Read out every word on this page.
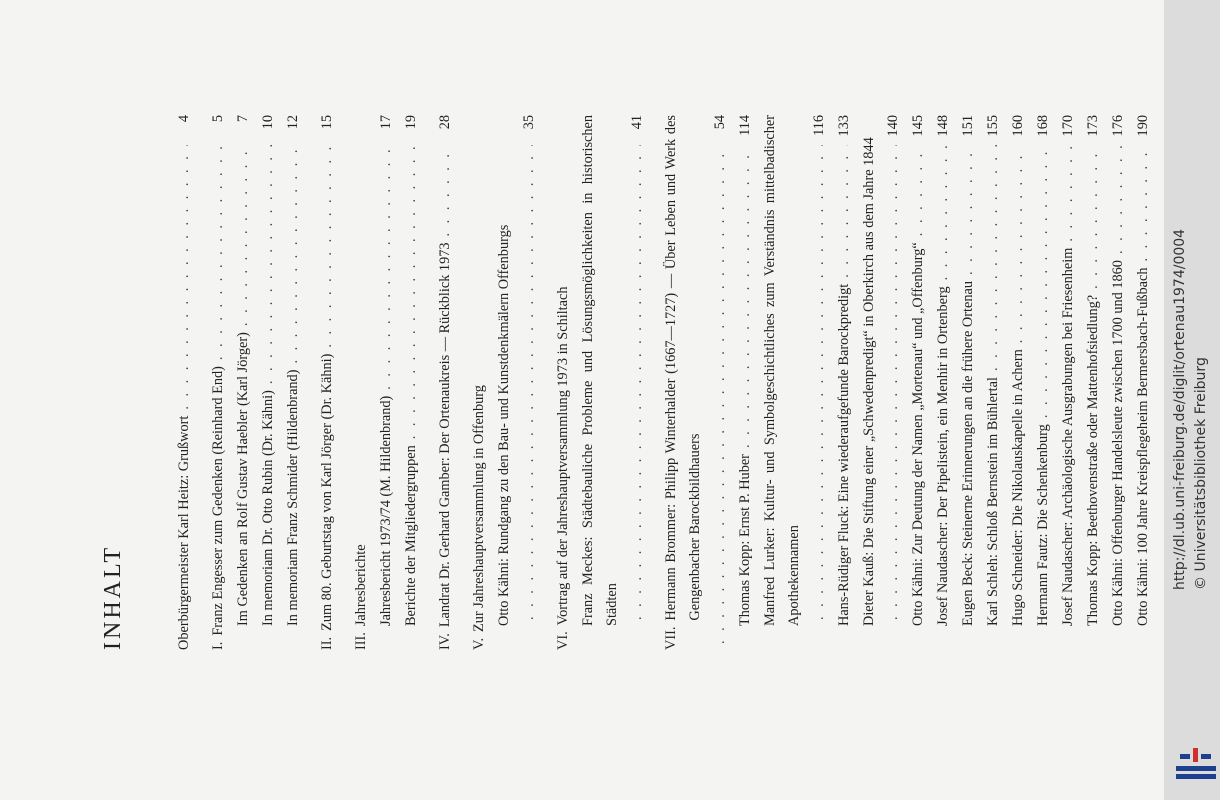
INHALT	Oberbürgermeister Karl Heitz: Grußwort
. . .
4
I.
Franz Engesser zum Gedenken (Reinhard End)
. . .
5
Im Gedenken an Rolf Gustav Haebler (Karl Jörger)
. . .
7
In memoriam Dr. Otto Rubin (Dr. Kähni)
. . .
10
In memoriam Franz Schmider (Hildenbrand)
. . .
12
II.
Zum 80. Geburtstag von Karl Jörger (Dr. Kähni)
. . .
15
III.
Jahresberichte Jahresbericht 1973/74 (M. Hildenbrand)
. . .
17
Berichte der Mitgliedergruppen
. . .
19
IV.
Landrat Dr. Gerhard Gamber: Der Ortenaukreis — Rückblick 1973
. . .
28
V.
Zur Jahreshauptversammlung in Offenburg Otto Kähni: Rundgang zu den Bau- und Kunstdenkmälern Offenburgs
. . .
35
VI.
Vortrag auf der Jahreshauptversammlung 1973 in Schiltach Franz Meckes: Städtebauliche Probleme und Lösungsmöglichkeiten in historischen Städten
. . .
41
VII.
Hermann Brommer: Philipp Winterhalder (1667—1727) — Über Leben und Werk des Gengenbacher Barockbildhauers
. . .
54
Thomas Kopp: Ernst P. Huber
. . .
114 Manfred Lurker: Kultur- und Symbolgeschichtliches zum Verständnis mittelbadischer Apothekennamen
. . .
116
Hans-Rüdiger Fluck: Eine wiederaufgefunde Barockpredigt
. . .
133
Dieter Kauß: Die Stiftung einer „Schwedenpredigt“ in Oberkirch aus dem Jahre 1844
. . .
140
Otto Kähni: Zur Deutung der Namen „Mortenau“ und „Offenburg“
. . .
145
Josef Naudascher: Der Pipelistein, ein Menhir in Ortenberg
. . .
148
Eugen Beck: Steinerne Erinnerungen an die frühere Ortenau
. . .
151
Karl Schleh: Schloß Bernstein im Bühlertal
. . .
155
Hugo Schneider: Die Nikolauskapelle in Achern
. . .
160
Hermann Fautz: Die Schenkenburg
. . .
168
Josef Naudascher: Archäologische Ausgrabungen bei Friesenheim
. . .
170
Thomas Kopp: Beethovenstraße oder Mattenhofsiedlung?
. . .
173
Otto Kähni: Offenburger Handelsleute zwischen 1700 und 1860
. . .
176
Otto Kähni: 100 Jahre Kreispflegeheim Bermersbach-Fußbach
. . .
190
http://dl.ub.uni-freiburg.de/diglit/ortenau1974/0004 © Universitätsbibliothek Freiburg
